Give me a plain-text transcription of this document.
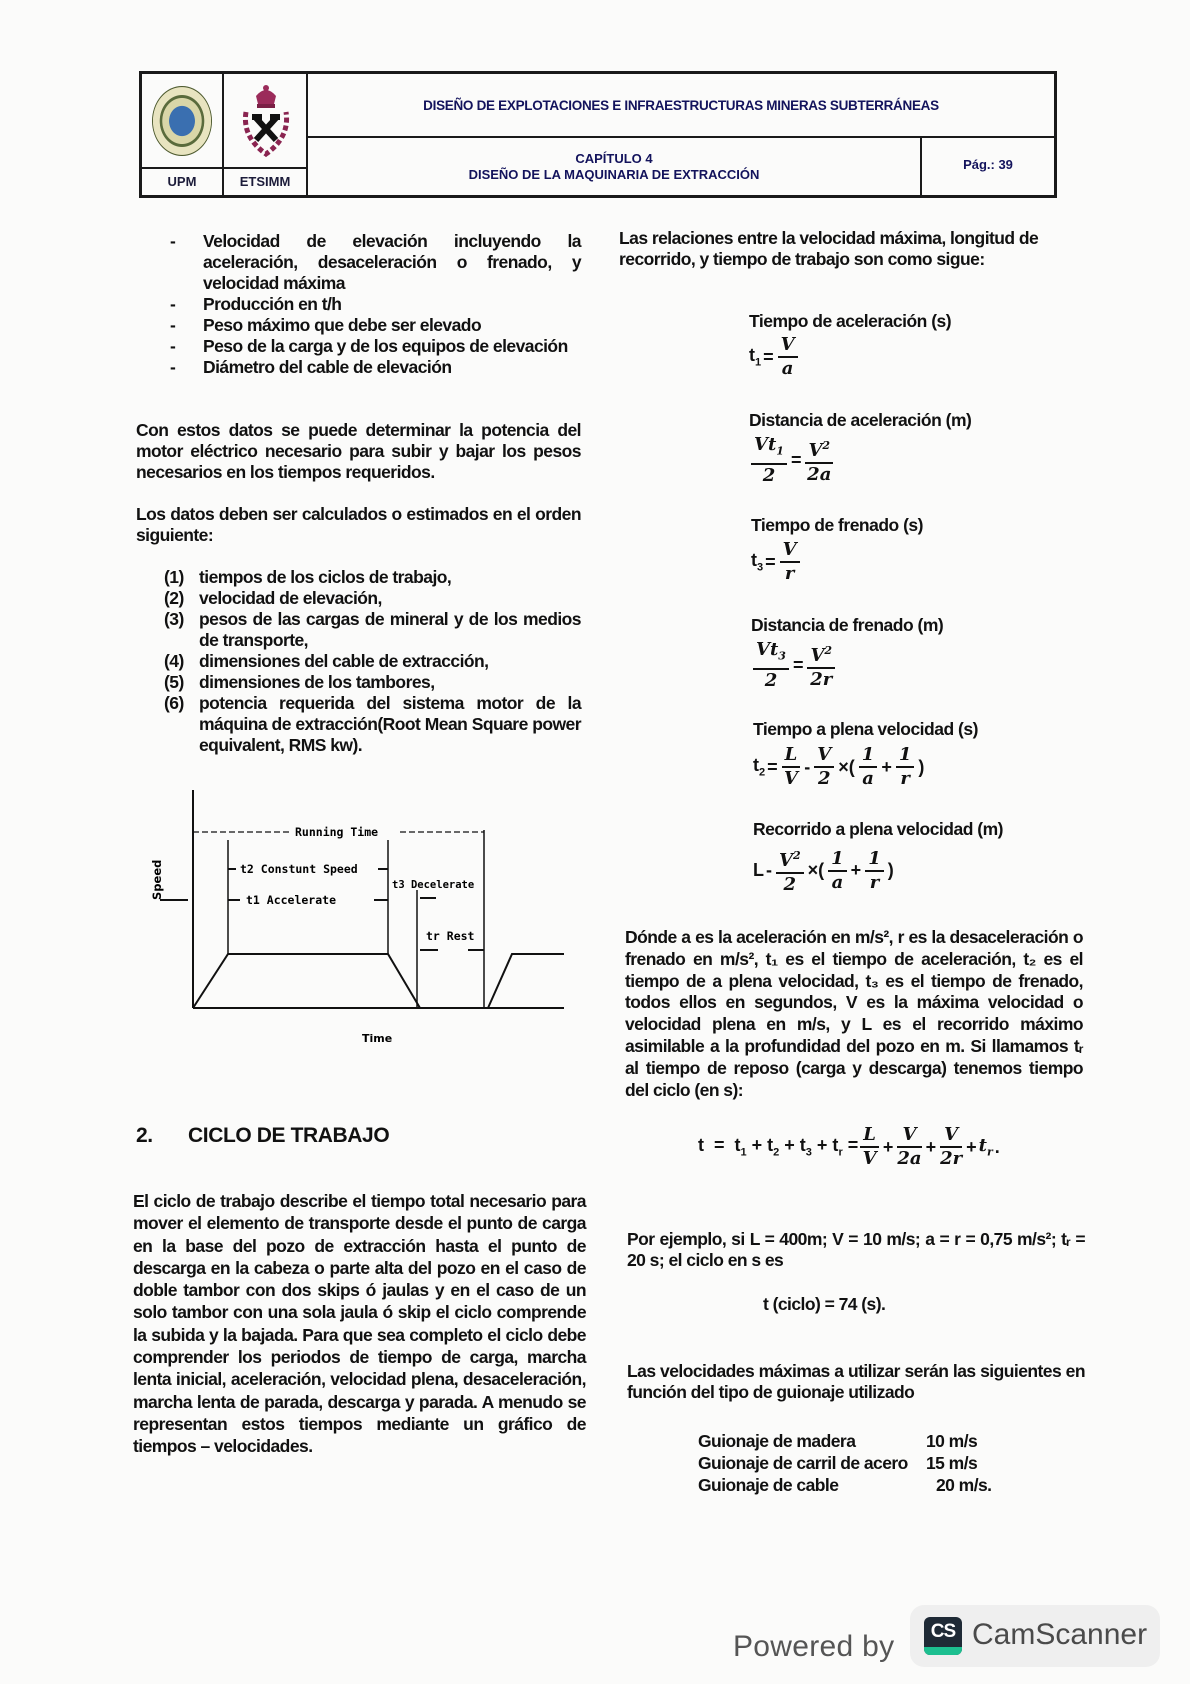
UPM	ETSIMM
DISEÑO DE EXPLOTACIONES E INFRAESTRUCTURAS MINERAS SUBTERRÁNEAS
CAPÍTULO 4
DISEÑO DE LA MAQUINARIA DE EXTRACCIÓN
Pág.: 39
- Velocidad de elevación incluyendo la aceleración, desaceleración o frenado, y velocidad máxima
- Producción en t/h
- Peso máximo que debe ser elevado
- Peso de la carga y de los equipos de elevación
- Diámetro del cable de elevación

Con estos datos se puede determinar la potencia del motor eléctrico necesario para subir y bajar los pesos necesarios en los tiempos requeridos.

Los datos deben ser calculados o estimados en el orden siguiente:

(1) tiempos de los ciclos de trabajo,
(2) velocidad de elevación,
(3) pesos de las cargas de mineral y de los medios de transporte,
(4) dimensiones del cable de extracción,
(5) dimensiones de los tambores,
(6) potencia requerida del sistema motor de la máquina de extracción(Root Mean Square power equivalent, RMS kw).
Running Time
t2 Constunt Speed
t1 Accelerate
t3 Decelerate
tr Rest
Speed
Time
2. CICLO DE TRABAJO

El ciclo de trabajo describe el tiempo total necesario para mover el elemento de transporte desde el punto de carga en la base del pozo de extracción hasta el punto de descarga en la cabeza o parte alta del pozo en el caso de doble tambor con dos skips ó jaulas y en el caso de un solo tambor con una sola jaula ó skip el ciclo comprende la subida y la bajada. Para que sea completo el ciclo debe comprender los periodos de tiempo de carga, marcha lenta inicial, aceleración, velocidad plena, desaceleración, marcha lenta de parada, descarga y parada. A menudo se representan estos tiempos mediante un gráfico de tiempos – velocidades.

Las relaciones entre la velocidad máxima, longitud de recorrido, y tiempo de trabajo son como sigue:

Tiempo de aceleración (s)
$t_1 = \frac{V}{a}$
Distancia de aceleración (m)
$\frac{Vt_1}{2} = \frac{V^2}{2a}$
Tiempo de frenado (s)
$t_3 = \frac{V}{r}$
Distancia de frenado (m)
$\frac{Vt_3}{2} = \frac{V^2}{2r}$
Tiempo a plena velocidad (s)
$t_2 = \frac{L}{V} - \frac{V}{2}$ ×( $\frac{1}{a} + \frac{1}{r}$ )
Recorrido a plena velocidad (m)
L - $\frac{V^2}{2}$ ×( $\frac{1}{a} + \frac{1}{r}$ )

Dónde a es la aceleración en m/s², r es la desaceleración o frenado en m/s², t₁ es el tiempo de aceleración, t₂ es el tiempo de a plena velocidad, t₃ es el tiempo de frenado, todos ellos en segundos, V es la máxima velocidad o velocidad plena en m/s, y L es el recorrido máximo asimilable a la profundidad del pozo en m. Si llamamos tᵣ al tiempo de reposo (carga y descarga) tenemos tiempo del ciclo (en s):

$t = t_1 + t_2 + t_3 + t_r = \frac{L}{V} + \frac{V}{2a} + \frac{V}{2r} + t_r$ .

Por ejemplo, si L = 400m; V = 10 m/s; a = r = 0,75 m/s²; tᵣ = 20 s; el ciclo en s es

t (ciclo) = 74 (s).

Las velocidades máximas a utilizar serán las siguientes en función del tipo de guionaje utilizado

Guionaje de madera	10 m/s
Guionaje de carril de acero 15 m/s
Guionaje de cable	20 m/s.
Powered by	CS CamScanner
